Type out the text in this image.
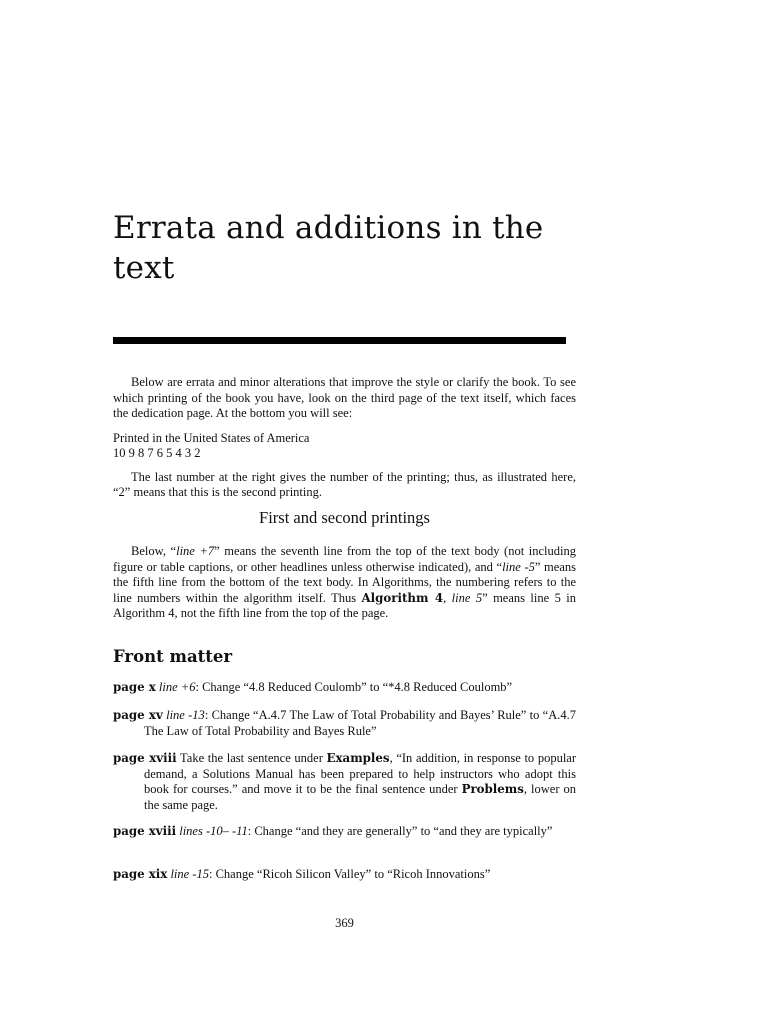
Errata and additions in the text

Below are errata and minor alterations that improve the style or clarify the book. To see which printing of the book you have, look on the third page of the text itself, which faces the dedication page. At the bottom you will see:

Printed in the United States of America
10 9 8 7 6 5 4 3 2

The last number at the right gives the number of the printing; thus, as illustrated here, “2” means that this is the second printing.

First and second printings

Below, “line +7” means the seventh line from the top of the text body (not including figure or table captions, or other headlines unless otherwise indicated), and “line -5” means the fifth line from the bottom of the text body. In Algorithms, the numbering refers to the line numbers within the algorithm itself. Thus Algorithm 4, line 5” means line 5 in Algorithm 4, not the fifth line from the top of the page.

Front matter
page x line +6: Change “4.8 Reduced Coulomb” to “*4.8 Reduced Coulomb”
page xv line -13: Change “A.4.7 The Law of Total Probability and Bayes’ Rule” to “A.4.7 The Law of Total Probability and Bayes Rule”
page xviii Take the last sentence under Examples, “In addition, in response to popular demand, a Solutions Manual has been prepared to help instructors who adopt this book for courses.” and move it to be the final sentence under Problems, lower on the same page.
page xviii lines -10– -11: Change “and they are generally” to “and they are typically”
page xix line -15: Change “Ricoh Silicon Valley” to “Ricoh Innovations”
369
